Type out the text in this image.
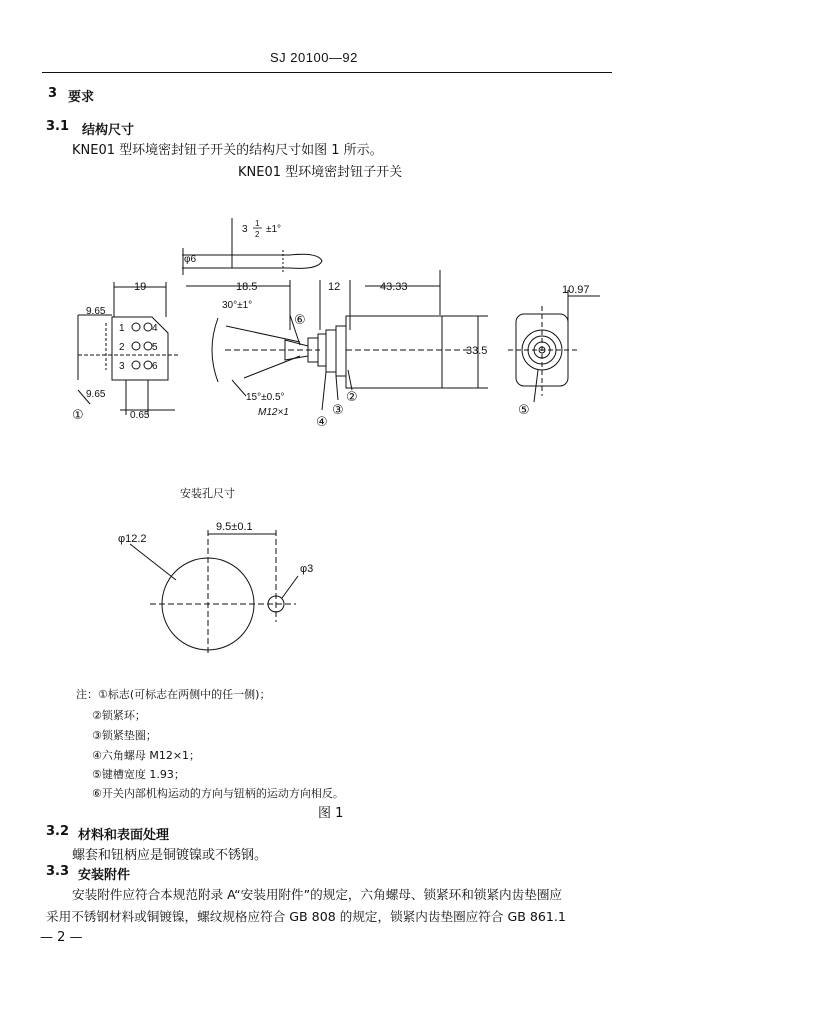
SJ 20100—92
3 要求
3.1 结构尺寸
KNE01 型环境密封钮子开关的结构尺寸如图 1 所示。
KNE01 型环境密封钮子开关
φ6
3
1
2 ±1°
19	18.5	12	43.33	10.97
9.65
9.65
0.65
30°±1°
15°±0.5°
M12×1
33.5
1	4
2	5
3	6
①
②
③
④
⑤
⑥
安装孔尺寸
φ12.2
9.5±0.1
φ3
注： ①标志(可标志在两侧中的任一侧)；
②锁紧环；
③锁紧垫圈；
④六角螺母 M12×1；
⑤键槽宽度 1.93；
⑥开关内部机构运动的方向与钮柄的运动方向相反。
图 1
3.2 材料和表面处理
螺套和钮柄应是铜镀镍或不锈钢。
3.3 安装附件
安装附件应符合本规范附录 A“安装用附件”的规定，六角螺母、锁紧环和锁紧内齿垫圈应
采用不锈钢材料或铜镀镍，螺纹规格应符合 GB 808 的规定，锁紧内齿垫圈应符合 GB 861.1
— 2 —
